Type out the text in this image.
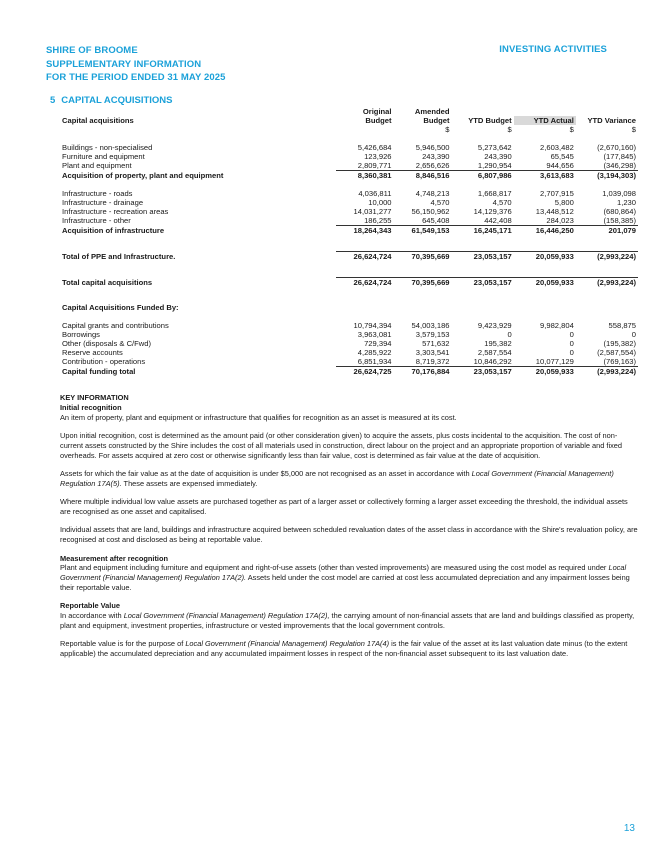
SHIRE OF BROOME
SUPPLEMENTARY INFORMATION
FOR THE PERIOD ENDED 31 MAY 2025
INVESTING ACTIVITIES
5 CAPITAL ACQUISITIONS
	Original	Amended			
Capital acquisitions	Budget	Budget	YTD Budget	YTD Actual	YTD Variance
		$	$	$	$

Buildings - non-specialised	5,426,684	5,946,500	5,273,642	2,603,482	(2,670,160)
Furniture and equipment	123,926	243,390	243,390	65,545	(177,845)
Plant and equipment	2,809,771	2,656,626	1,290,954	944,656	(346,298)
Acquisition of property, plant and equipment	8,360,381	8,846,516	6,807,986	3,613,683	(3,194,303)

Infrastructure - roads	4,036,811	4,748,213	1,668,817	2,707,915	1,039,098
Infrastructure - drainage	10,000	4,570	4,570	5,800	1,230
Infrastructure - recreation areas	14,031,277	56,150,962	14,129,376	13,448,512	(680,864)
Infrastructure - other	186,255	645,408	442,408	284,023	(158,385)
Acquisition of infrastructure	18,264,343	61,549,153	16,245,171	16,446,250	201,079

Total of PPE and Infrastructure.	26,624,724	70,395,669	23,053,157	20,059,933	(2,993,224)

Total capital acquisitions	26,624,724	70,395,669	23,053,157	20,059,933	(2,993,224)

Capital Acquisitions Funded By:					

Capital grants and contributions	10,794,394	54,003,186	9,423,929	9,982,804	558,875
Borrowings	3,963,081	3,579,153	0	0	0
Other (disposals & C/Fwd)	729,394	571,632	195,382	0	(195,382)
Reserve accounts	4,285,922	3,303,541	2,587,554	0	(2,587,554)
Contribution - operations	6,851,934	8,719,372	10,846,292	10,077,129	(769,163)
Capital funding total	26,624,725	70,176,884	23,053,157	20,059,933	(2,993,224)

KEY INFORMATION

Initial recognition

An item of property, plant and equipment or infrastructure that qualifies for recognition as an asset is measured at its cost.

Upon initial recognition, cost is determined as the amount paid (or other consideration given) to acquire the assets, plus costs incidental to the acquisition. The cost of non-current assets constructed by the Shire includes the cost of all materials used in construction, direct labour on the project and an appropriate proportion of variable and fixed overheads. For assets acquired at zero cost or otherwise significantly less than fair value, cost is determined as fair value at the date of acquisition.

Assets for which the fair value as at the date of acquisition is under $5,000 are not recognised as an asset in accordance with Local Government (Financial Management) Regulation 17A(5). These assets are expensed immediately.

Where multiple individual low value assets are purchased together as part of a larger asset or collectively forming a larger asset exceeding the threshold, the individual assets are recognised as one asset and capitalised.

Individual assets that are land, buildings and infrastructure acquired between scheduled revaluation dates of the asset class in accordance with the Shire's revaluation policy, are recognised at cost and disclosed as being at reportable value.

Measurement after recognition

Plant and equipment including furniture and equipment and right-of-use assets (other than vested improvements) are measured using the cost model as required under Local Government (Financial Management) Regulation 17A(2). Assets held under the cost model are carried at cost less accumulated depreciation and any impairment losses being their reportable value.

Reportable Value

In accordance with Local Government (Financial Management) Regulation 17A(2), the carrying amount of non-financial assets that are land and buildings classified as property, plant and equipment, investment properties, infrastructure or vested improvements that the local government controls.

Reportable value is for the purpose of Local Government (Financial Management) Regulation 17A(4) is the fair value of the asset at its last valuation date minus (to the extent applicable) the accumulated depreciation and any accumulated impairment losses in respect of the non-financial asset subsequent to its last valuation date.

13
